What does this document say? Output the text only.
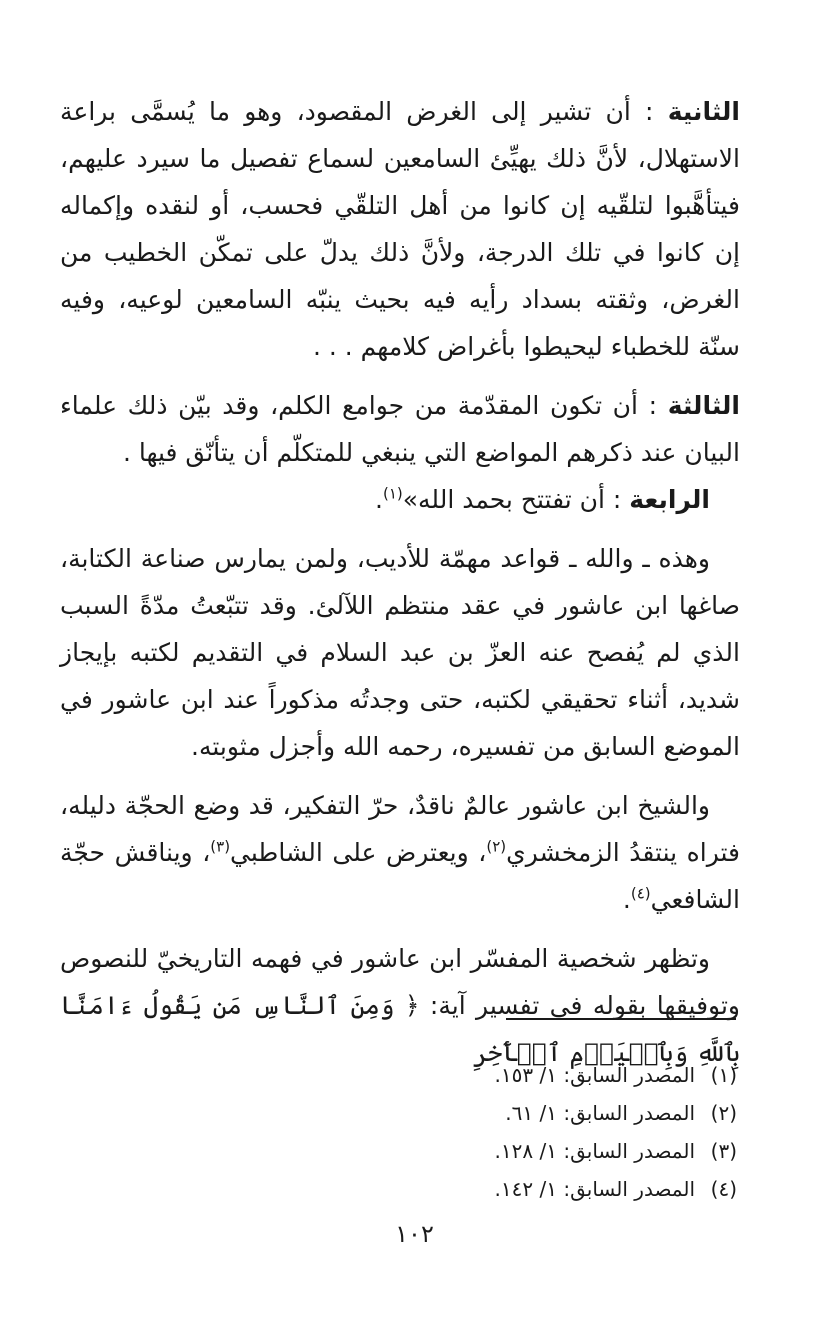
الثانية : أن تشير إلى الغرض المقصود، وهو ما يُسمَّى براعة الاستهلال، لأنَّ ذلك يهيِّئ السامعين لسماع تفصيل ما سيرد عليهم، فيتأهَّبوا لتلقّيه إن كانوا من أهل التلقّي فحسب، أو لنقده وإكماله إن كانوا في تلك الدرجة، ولأنَّ ذلك يدلّ على تمكّن الخطيب من الغرض، وثقته بسداد رأيه فيه بحيث ينبّه السامعين لوعيه، وفيه سنّة للخطباء ليحيطوا بأغراض كلامهم . . .

الثالثة : أن تكون المقدّمة من جوامع الكلم، وقد بيّن ذلك علماء البيان عند ذكرهم المواضع التي ينبغي للمتكلّم أن يتأنّق فيها .

الرابعة : أن تفتتح بحمد الله»$^{(١)}$.

وهذه ـ والله ـ قواعد مهمّة للأديب، ولمن يمارس صناعة الكتابة، صاغها ابن عاشور في عقد منتظم اللآلئ. وقد تتبّعتُ مدّةً السبب الذي لم يُفصح عنه العزّ بن عبد السلام في التقديم لكتبه بإيجاز شديد، أثناء تحقيقي لكتبه، حتى وجدتُه مذكوراً عند ابن عاشور في الموضع السابق من تفسيره، رحمه الله وأجزل مثوبته.

والشيخ ابن عاشور عالمٌ ناقدٌ، حرّ التفكير، قد وضع الحجّة دليله، فتراه ينتقدُ الزمخشري$^{(٢)}$، ويعترض على الشاطبي$^{(٣)}$، ويناقش حجّة الشافعي$^{(٤)}$.

وتظهر شخصية المفسّر ابن عاشور في فهمه التاريخيّ للنصوص وتوفيقها بقوله في تفسير آية: ﴿ وَمِنَ ٱلنَّاسِ مَن يَقُولُ ءَامَنَّا بِٱللَّهِ وَبِٱلۡيَوۡمِ ٱلۡأٓخِرِ

(١)المصدر السابق: ١/ ١٥٣.
(٢)المصدر السابق: ١/ ٦١.
(٣)المصدر السابق: ١/ ١٢٨.
(٤)المصدر السابق: ١/ ١٤٢.
١٠٢
